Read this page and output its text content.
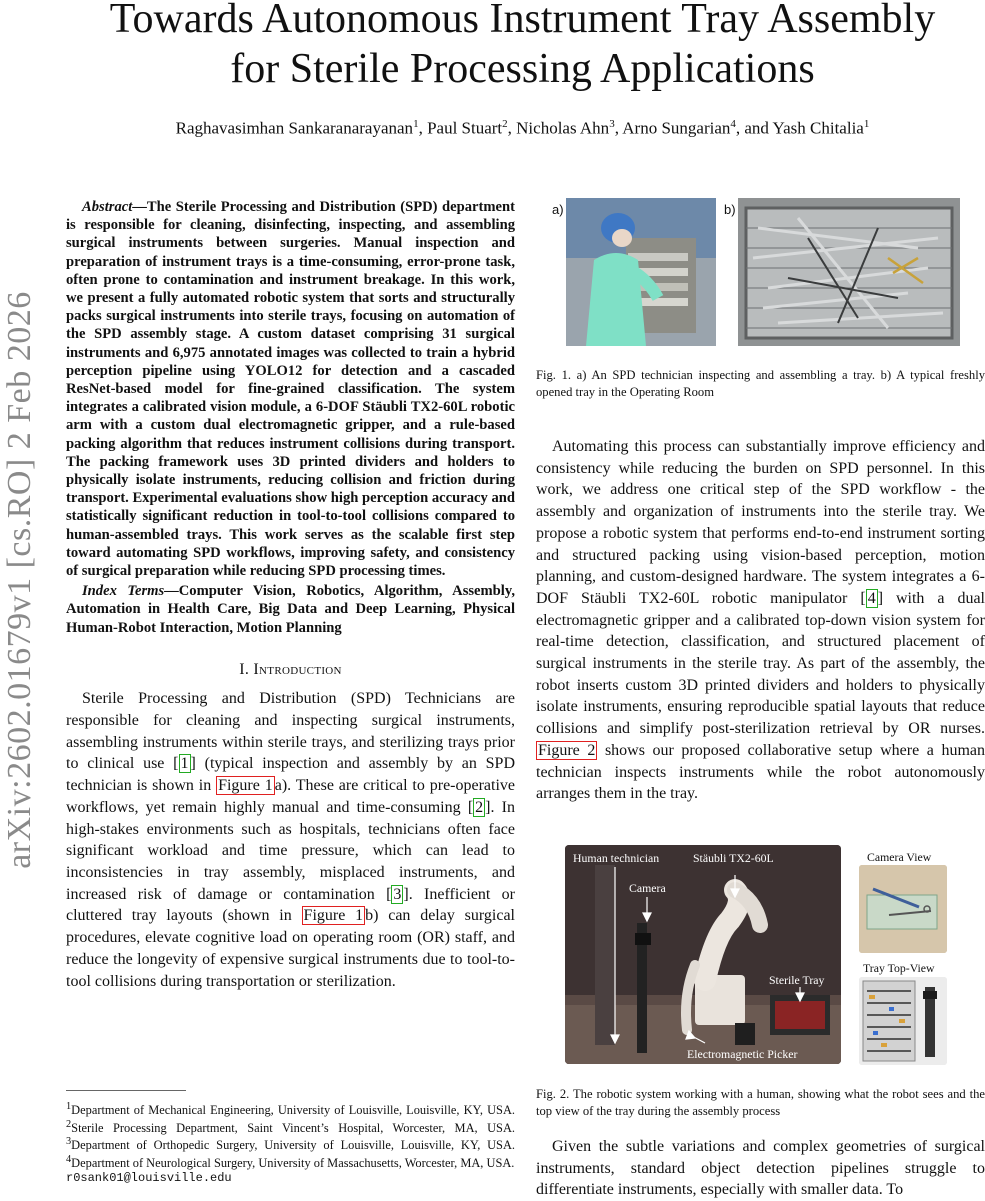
arXiv:2602.01679v1 [cs.RO] 2 Feb 2026
Towards Autonomous Instrument Tray Assembly
for Sterile Processing Applications
Raghavasimhan Sankaranarayanan$^1$, Paul Stuart$^2$, Nicholas Ahn$^3$, Arno Sungarian$^4$, and Yash Chitalia$^1$

Abstract—The Sterile Processing and Distribution (SPD) department is responsible for cleaning, disinfecting, inspecting, and assembling surgical instruments between surgeries. Manual inspection and preparation of instrument trays is a time-consuming, error-prone task, often prone to contamination and instrument breakage. In this work, we present a fully automated robotic system that sorts and structurally packs surgical instruments into sterile trays, focusing on automation of the SPD assembly stage. A custom dataset comprising 31 surgical instruments and 6,975 annotated images was collected to train a hybrid perception pipeline using YOLO12 for detection and a cascaded ResNet-based model for fine-grained classification. The system integrates a calibrated vision module, a 6-DOF Stäubli TX2-60L robotic arm with a custom dual electromagnetic gripper, and a rule-based packing algorithm that reduces instrument collisions during transport. The packing framework uses 3D printed dividers and holders to physically isolate instruments, reducing collision and friction during transport. Experimental evaluations show high perception accuracy and statistically significant reduction in tool-to-tool collisions compared to human-assembled trays. This work serves as the scalable first step toward automating SPD workflows, improving safety, and consistency of surgical preparation while reducing SPD processing times.

Index Terms—Computer Vision, Robotics, Algorithm, Assembly, Automation in Health Care, Big Data and Deep Learning, Physical Human-Robot Interaction, Motion Planning

I. Introduction

Sterile Processing and Distribution (SPD) Technicians are responsible for cleaning and inspecting surgical instruments, assembling instruments within sterile trays, and sterilizing trays prior to clinical use [ 1 ] (typical inspection and assembly by an SPD technician is shown in Figure 1 a). These are critical to pre-operative workflows, yet remain highly manual and time-consuming [ 2 ]. In high-stakes environments such as hospitals, technicians often face significant workload and time pressure, which can lead to inconsistencies in tray assembly, misplaced instruments, and increased risk of damage or contamination [ 3 ]. Inefficient or cluttered tray layouts (shown in Figure 1 b) can delay surgical procedures, elevate cognitive load on operating room (OR) staff, and reduce the longevity of expensive surgical instruments due to tool-to-tool collisions during transportation or sterilization.

$^1$Department of Mechanical Engineering, University of Louisville, Louisville, KY, USA. $^2$Sterile Processing Department, Saint Vincent’s Hospital, Worcester, MA, USA. $^3$Department of Orthopedic Surgery, University of Louisville, Louisville, KY, USA. $^4$Department of Neurological Surgery, University of Massachusetts, Worcester, MA, USA.
r0sank01@louisville.edu
a)	b)
Fig. 1. a) An SPD technician inspecting and assembling a tray. b) A typical freshly opened tray in the Operating Room

Automating this process can substantially improve efficiency and consistency while reducing the burden on SPD personnel. In this work, we address one critical step of the SPD workflow - the assembly and organization of instruments into the sterile tray. We propose a robotic system that performs end-to-end instrument sorting and structured packing using vision-based perception, motion planning, and custom-designed hardware. The system integrates a 6-DOF Stäubli TX2-60L robotic manipulator [ 4 ] with a dual electromagnetic gripper and a calibrated top-down vision system for real-time detection, classification, and structured placement of surgical instruments in the sterile tray. As part of the assembly, the robot inserts custom 3D printed dividers and holders to physically isolate instruments, ensuring reproducible spatial layouts that reduce collisions and simplify post-sterilization retrieval by OR nurses. Figure 2 shows our proposed collaborative setup where a human technician inspects instruments while the robot autonomously arranges them in the tray.

Human technician	Stäubli TX2-60L
Camera
Sterile Tray
Electromagnetic Picker
Camera View
Tray Top-View
Fig. 2. The robotic system working with a human, showing what the robot sees and the top view of the tray during the assembly process

Given the subtle variations and complex geometries of surgical instruments, standard object detection pipelines struggle to differentiate instruments, especially with smaller data. To
